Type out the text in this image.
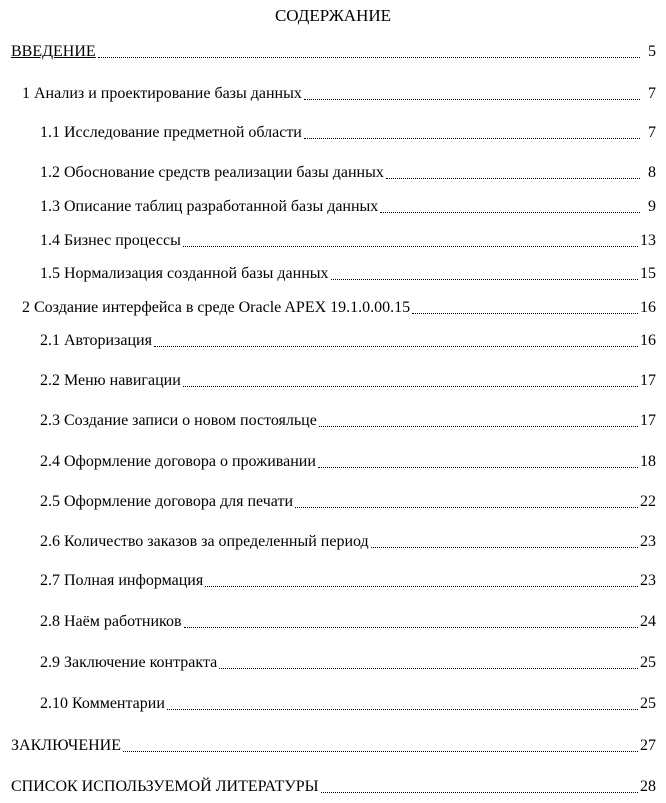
СОДЕРЖАНИЕ
ВВЕДЕНИЕ	5
1 Анализ и проектирование базы данных	7
1.1 Исследование предметной области	7
1.2 Обоснование средств реализации базы данных	8
1.3 Описание таблиц разработанной базы данных	9
1.4 Бизнес процессы	13
1.5 Нормализация созданной базы данных	15
2 Создание интерфейса в среде Oracle APEX 19.1.0.00.15	16
2.1 Авторизация	16
2.2 Меню навигации	17
2.3 Создание записи о новом постояльце	17
2.4 Оформление договора о проживании	18
2.5 Оформление договора для печати	22
2.6 Количество заказов за определенный период	23
2.7 Полная информация	23
2.8 Наём работников	24
2.9 Заключение контракта	25
2.10 Комментарии	25
ЗАКЛЮЧЕНИЕ	27
СПИСОК ИСПОЛЬЗУЕМОЙ ЛИТЕРАТУРЫ	28
